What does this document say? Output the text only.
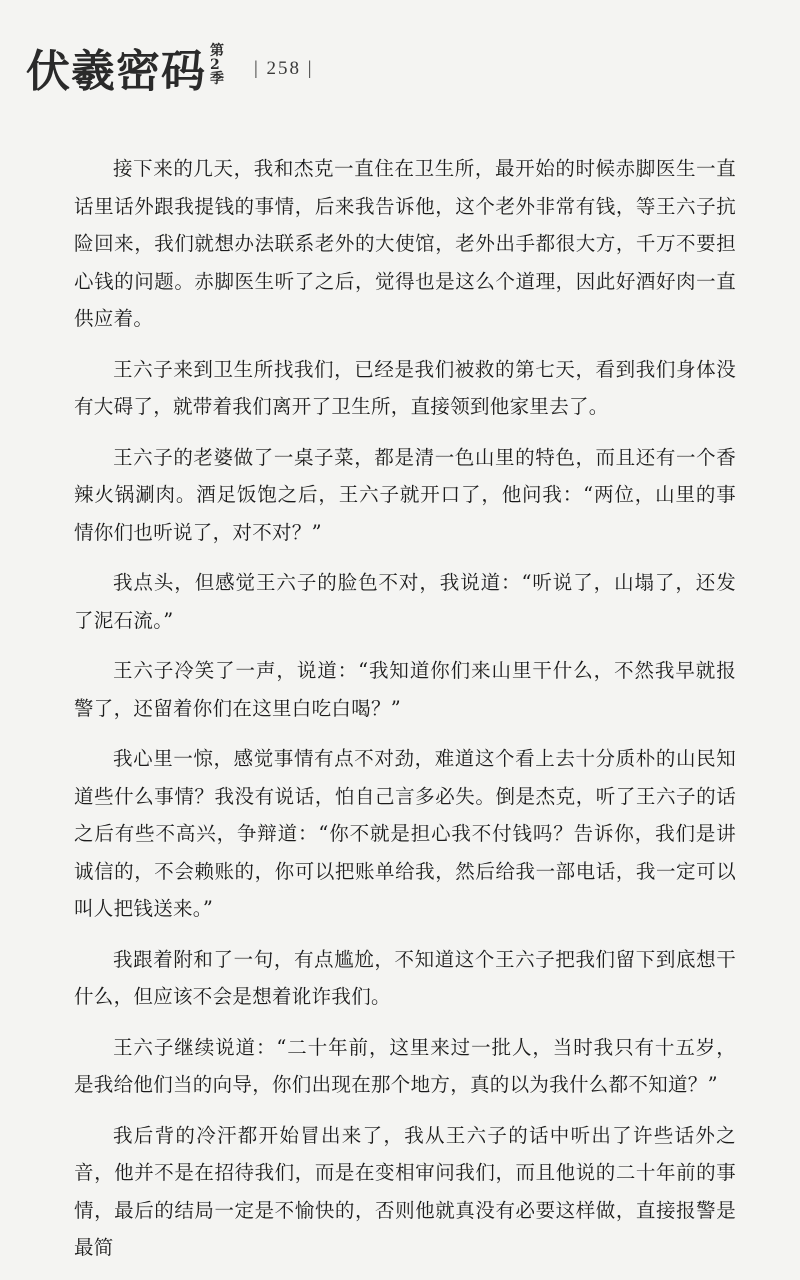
伏羲密码 第2季 | 258 |

接下来的几天，我和杰克一直住在卫生所，最开始的时候赤脚医生一直话里话外跟我提钱的事情，后来我告诉他，这个老外非常有钱，等王六子抗险回来，我们就想办法联系老外的大使馆，老外出手都很大方，千万不要担心钱的问题。赤脚医生听了之后，觉得也是这么个道理，因此好酒好肉一直供应着。

王六子来到卫生所找我们，已经是我们被救的第七天，看到我们身体没有大碍了，就带着我们离开了卫生所，直接领到他家里去了。

王六子的老婆做了一桌子菜，都是清一色山里的特色，而且还有一个香辣火锅涮肉。酒足饭饱之后，王六子就开口了，他问我：“两位，山里的事情你们也听说了，对不对？”

我点头，但感觉王六子的脸色不对，我说道：“听说了，山塌了，还发了泥石流。”

王六子冷笑了一声，说道：“我知道你们来山里干什么，不然我早就报警了，还留着你们在这里白吃白喝？”

我心里一惊，感觉事情有点不对劲，难道这个看上去十分质朴的山民知道些什么事情？我没有说话，怕自己言多必失。倒是杰克，听了王六子的话之后有些不高兴，争辩道：“你不就是担心我不付钱吗？告诉你，我们是讲诚信的，不会赖账的，你可以把账单给我，然后给我一部电话，我一定可以叫人把钱送来。”

我跟着附和了一句，有点尴尬，不知道这个王六子把我们留下到底想干什么，但应该不会是想着讹诈我们。

王六子继续说道：“二十年前，这里来过一批人，当时我只有十五岁，是我给他们当的向导，你们出现在那个地方，真的以为我什么都不知道？”

我后背的冷汗都开始冒出来了，我从王六子的话中听出了许些话外之音，他并不是在招待我们，而是在变相审问我们，而且他说的二十年前的事情，最后的结局一定是不愉快的，否则他就真没有必要这样做，直接报警是最简
